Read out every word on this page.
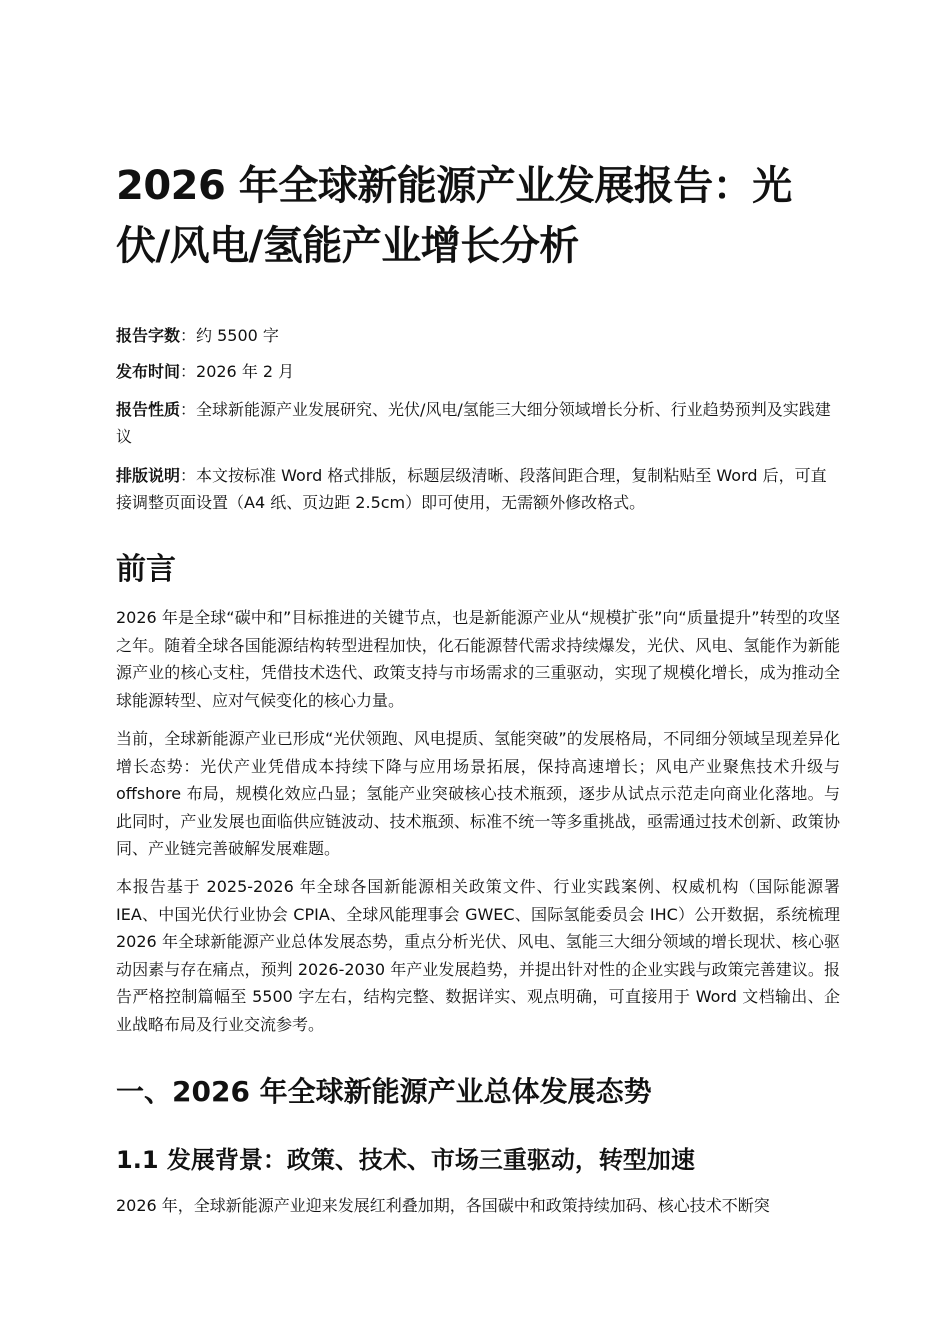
2026 年全球新能源产业发展报告：光伏/风电/氢能产业增长分析

报告字数：约 5500 字

发布时间：2026 年 2 月

报告性质：全球新能源产业发展研究、光伏/风电/氢能三大细分领域增长分析、行业趋势预判及实践建议

排版说明：本文按标准 Word 格式排版，标题层级清晰、段落间距合理，复制粘贴至 Word 后，可直接调整页面设置（A4 纸、页边距 2.5cm）即可使用，无需额外修改格式。

前言

2026 年是全球“碳中和”目标推进的关键节点，也是新能源产业从“规模扩张”向“质量提升”转型的攻坚之年。随着全球各国能源结构转型进程加快，化石能源替代需求持续爆发，光伏、风电、氢能作为新能源产业的核心支柱，凭借技术迭代、政策支持与市场需求的三重驱动，实现了规模化增长，成为推动全球能源转型、应对气候变化的核心力量。

当前，全球新能源产业已形成“光伏领跑、风电提质、氢能突破”的发展格局，不同细分领域呈现差异化增长态势：光伏产业凭借成本持续下降与应用场景拓展，保持高速增长；风电产业聚焦技术升级与 offshore 布局，规模化效应凸显；氢能产业突破核心技术瓶颈，逐步从试点示范走向商业化落地。与此同时，产业发展也面临供应链波动、技术瓶颈、标准不统一等多重挑战，亟需通过技术创新、政策协同、产业链完善破解发展难题。

本报告基于 2025-2026 年全球各国新能源相关政策文件、行业实践案例、权威机构（国际能源署 IEA、中国光伏行业协会 CPIA、全球风能理事会 GWEC、国际氢能委员会 IHC）公开数据，系统梳理 2026 年全球新能源产业总体发展态势，重点分析光伏、风电、氢能三大细分领域的增长现状、核心驱动因素与存在痛点，预判 2026-2030 年产业发展趋势，并提出针对性的企业实践与政策完善建议。报告严格控制篇幅至 5500 字左右，结构完整、数据详实、观点明确，可直接用于 Word 文档输出、企业战略布局及行业交流参考。

一、2026 年全球新能源产业总体发展态势
1.1 发展背景：政策、技术、市场三重驱动，转型加速

2026 年，全球新能源产业迎来发展红利叠加期，各国碳中和政策持续加码、核心技术不断突
